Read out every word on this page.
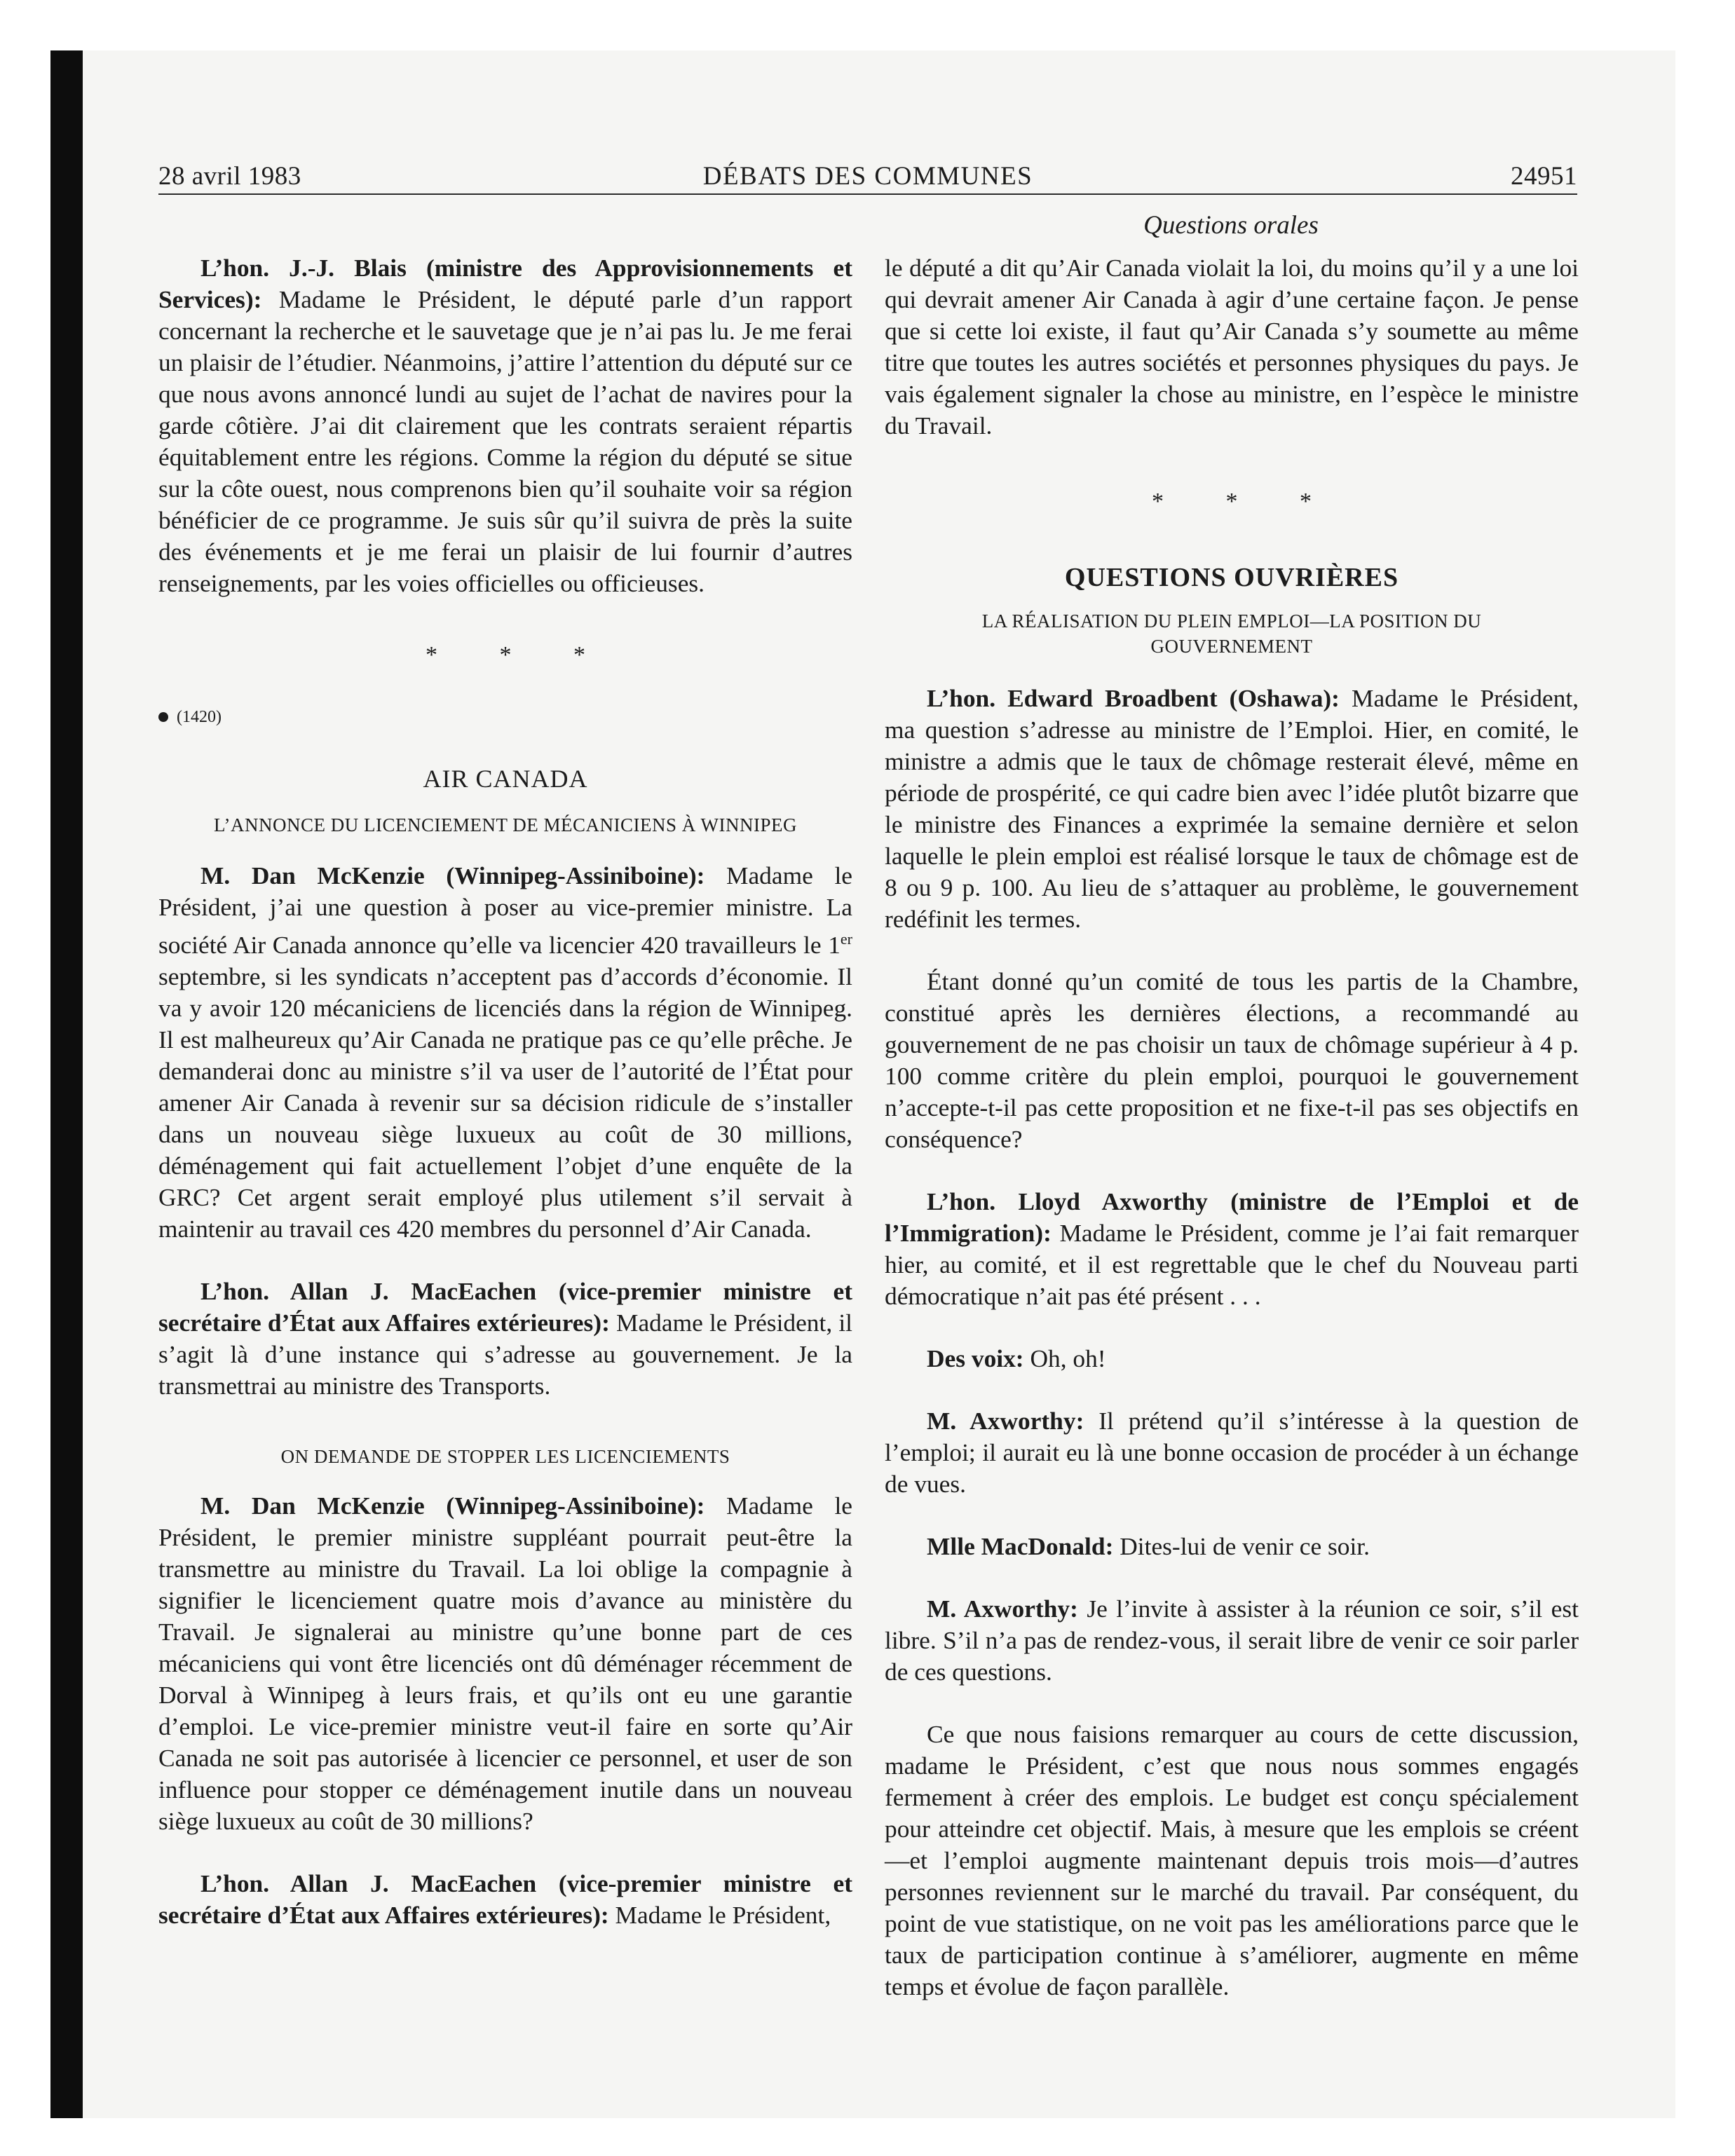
28 avril 1983	DÉBATS DES COMMUNES	24951
Questions orales

L’hon. J.-J. Blais (ministre des Approvisionnements et Services): Madame le Président, le député parle d’un rapport concernant la recherche et le sauvetage que je n’ai pas lu. Je me ferai un plaisir de l’étudier. Néanmoins, j’attire l’attention du député sur ce que nous avons annoncé lundi au sujet de l’achat de navires pour la garde côtière. J’ai dit clairement que les contrats seraient répartis équitablement entre les régions. Comme la région du député se situe sur la côte ouest, nous comprenons bien qu’il souhaite voir sa région bénéficier de ce programme. Je suis sûr qu’il suivra de près la suite des événements et je me ferai un plaisir de lui fournir d’autres renseignements, par les voies officielles ou officieuses.

* * *
(1420)
AIR CANADA
L’ANNONCE DU LICENCIEMENT DE MÉCANICIENS À WINNIPEG

M. Dan McKenzie (Winnipeg-Assiniboine): Madame le Président, j’ai une question à poser au vice-premier ministre. La société Air Canada annonce qu’elle va licencier 420 travailleurs le 1er septembre, si les syndicats n’acceptent pas d’accords d’économie. Il va y avoir 120 mécaniciens de licenciés dans la région de Winnipeg. Il est malheureux qu’Air Canada ne pratique pas ce qu’elle prêche. Je demanderai donc au ministre s’il va user de l’autorité de l’État pour amener Air Canada à revenir sur sa décision ridicule de s’installer dans un nouveau siège luxueux au coût de 30 millions, déménagement qui fait actuellement l’objet d’une enquête de la GRC? Cet argent serait employé plus utilement s’il servait à maintenir au travail ces 420 membres du personnel d’Air Canada.

L’hon. Allan J. MacEachen (vice-premier ministre et secrétaire d’État aux Affaires extérieures): Madame le Président, il s’agit là d’une instance qui s’adresse au gouvernement. Je la transmettrai au ministre des Transports.

ON DEMANDE DE STOPPER LES LICENCIEMENTS

M. Dan McKenzie (Winnipeg-Assiniboine): Madame le Président, le premier ministre suppléant pourrait peut-être la transmettre au ministre du Travail. La loi oblige la compagnie à signifier le licenciement quatre mois d’avance au ministère du Travail. Je signalerai au ministre qu’une bonne part de ces mécaniciens qui vont être licenciés ont dû déménager récemment de Dorval à Winnipeg à leurs frais, et qu’ils ont eu une garantie d’emploi. Le vice-premier ministre veut-il faire en sorte qu’Air Canada ne soit pas autorisée à licencier ce personnel, et user de son influence pour stopper ce déménagement inutile dans un nouveau siège luxueux au coût de 30 millions?

L’hon. Allan J. MacEachen (vice-premier ministre et secrétaire d’État aux Affaires extérieures): Madame le Président,

le député a dit qu’Air Canada violait la loi, du moins qu’il y a une loi qui devrait amener Air Canada à agir d’une certaine façon. Je pense que si cette loi existe, il faut qu’Air Canada s’y soumette au même titre que toutes les autres sociétés et personnes physiques du pays. Je vais également signaler la chose au ministre, en l’espèce le ministre du Travail.

* * *
QUESTIONS OUVRIÈRES
LA RÉALISATION DU PLEIN EMPLOI—LA POSITION DU GOUVERNEMENT

L’hon. Edward Broadbent (Oshawa): Madame le Président, ma question s’adresse au ministre de l’Emploi. Hier, en comité, le ministre a admis que le taux de chômage resterait élevé, même en période de prospérité, ce qui cadre bien avec l’idée plutôt bizarre que le ministre des Finances a exprimée la semaine dernière et selon laquelle le plein emploi est réalisé lorsque le taux de chômage est de 8 ou 9 p. 100. Au lieu de s’attaquer au problème, le gouvernement redéfinit les termes.

Étant donné qu’un comité de tous les partis de la Chambre, constitué après les dernières élections, a recommandé au gouvernement de ne pas choisir un taux de chômage supérieur à 4 p. 100 comme critère du plein emploi, pourquoi le gouvernement n’accepte-t-il pas cette proposition et ne fixe-t-il pas ses objectifs en conséquence?

L’hon. Lloyd Axworthy (ministre de l’Emploi et de l’Immigration): Madame le Président, comme je l’ai fait remarquer hier, au comité, et il est regrettable que le chef du Nouveau parti démocratique n’ait pas été présent . . .

Des voix: Oh, oh!

M. Axworthy: Il prétend qu’il s’intéresse à la question de l’emploi; il aurait eu là une bonne occasion de procéder à un échange de vues.

Mlle MacDonald: Dites-lui de venir ce soir.

M. Axworthy: Je l’invite à assister à la réunion ce soir, s’il est libre. S’il n’a pas de rendez-vous, il serait libre de venir ce soir parler de ces questions.

Ce que nous faisions remarquer au cours de cette discussion, madame le Président, c’est que nous nous sommes engagés fermement à créer des emplois. Le budget est conçu spécialement pour atteindre cet objectif. Mais, à mesure que les emplois se créent—et l’emploi augmente maintenant depuis trois mois—d’autres personnes reviennent sur le marché du travail. Par conséquent, du point de vue statistique, on ne voit pas les améliorations parce que le taux de participation continue à s’améliorer, augmente en même temps et évolue de façon parallèle.
